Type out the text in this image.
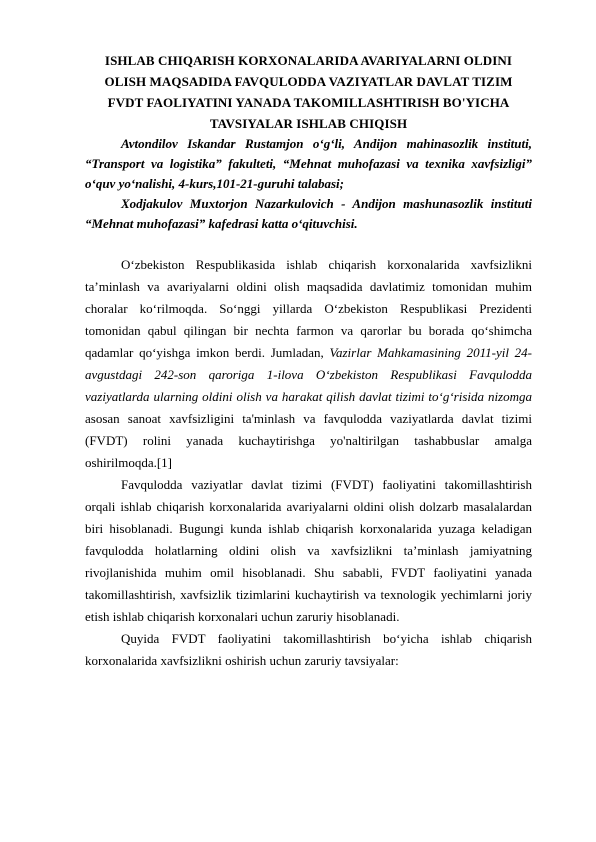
ISHLAB CHIQARISH KORXONALARIDA AVARIYALARNI OLDINI OLISH MAQSADIDA FAVQULODDA VAZIYATLAR DAVLAT TIZIM FVDT FAOLIYATINI YANADA TAKOMILLASHTIRISH BO'YICHA TAVSIYALAR ISHLAB CHIQISH

Avtondilov Iskandar Rustamjon o‘g‘li, Andijon mahinasozlik instituti, “Transport va logistika” fakulteti, “Mehnat muhofazasi va texnika xavfsizligi” o‘quv yo‘nalishi, 4-kurs,101-21-guruhi talabasi;

Xodjakulov Muxtorjon Nazarkulovich - Andijon mashunasozlik instituti “Mehnat muhofazasi” kafedrasi katta o‘qituvchisi.

O‘zbekiston Respublikasida ishlab chiqarish korxonalarida xavfsizlikni ta’minlash va avariyalarni oldini olish maqsadida davlatimiz tomonidan muhim choralar ko‘rilmoqda. So‘nggi yillarda O‘zbekiston Respublikasi Prezidenti tomonidan qabul qilingan bir nechta farmon va qarorlar bu borada qo‘shimcha qadamlar qo‘yishga imkon berdi. Jumladan, Vazirlar Mahkamasining 2011-yil 24-avgustdagi 242-son qaroriga 1-ilova O‘zbekiston Respublikasi Favqulodda vaziyatlarda ularning oldini olish va harakat qilish davlat tizimi to‘g‘risida nizomga asosan sanoat xavfsizligini ta'minlash va favqulodda vaziyatlarda davlat tizimi (FVDT) rolini yanada kuchaytirishga yo'naltirilgan tashabbuslar amalga oshirilmoqda.[1]

Favqulodda vaziyatlar davlat tizimi (FVDT) faoliyatini takomillashtirish orqali ishlab chiqarish korxonalarida avariyalarni oldini olish dolzarb masalalardan biri hisoblanadi. Bugungi kunda ishlab chiqarish korxonalarida yuzaga keladigan favqulodda holatlarning oldini olish va xavfsizlikni ta’minlash jamiyatning rivojlanishida muhim omil hisoblanadi. Shu sababli, FVDT faoliyatini yanada takomillashtirish, xavfsizlik tizimlarini kuchaytirish va texnologik yechimlarni joriy etish ishlab chiqarish korxonalari uchun zaruriy hisoblanadi.

Quyida FVDT faoliyatini takomillashtirish bo‘yicha ishlab chiqarish korxonalarida xavfsizlikni oshirish uchun zaruriy tavsiyalar:
